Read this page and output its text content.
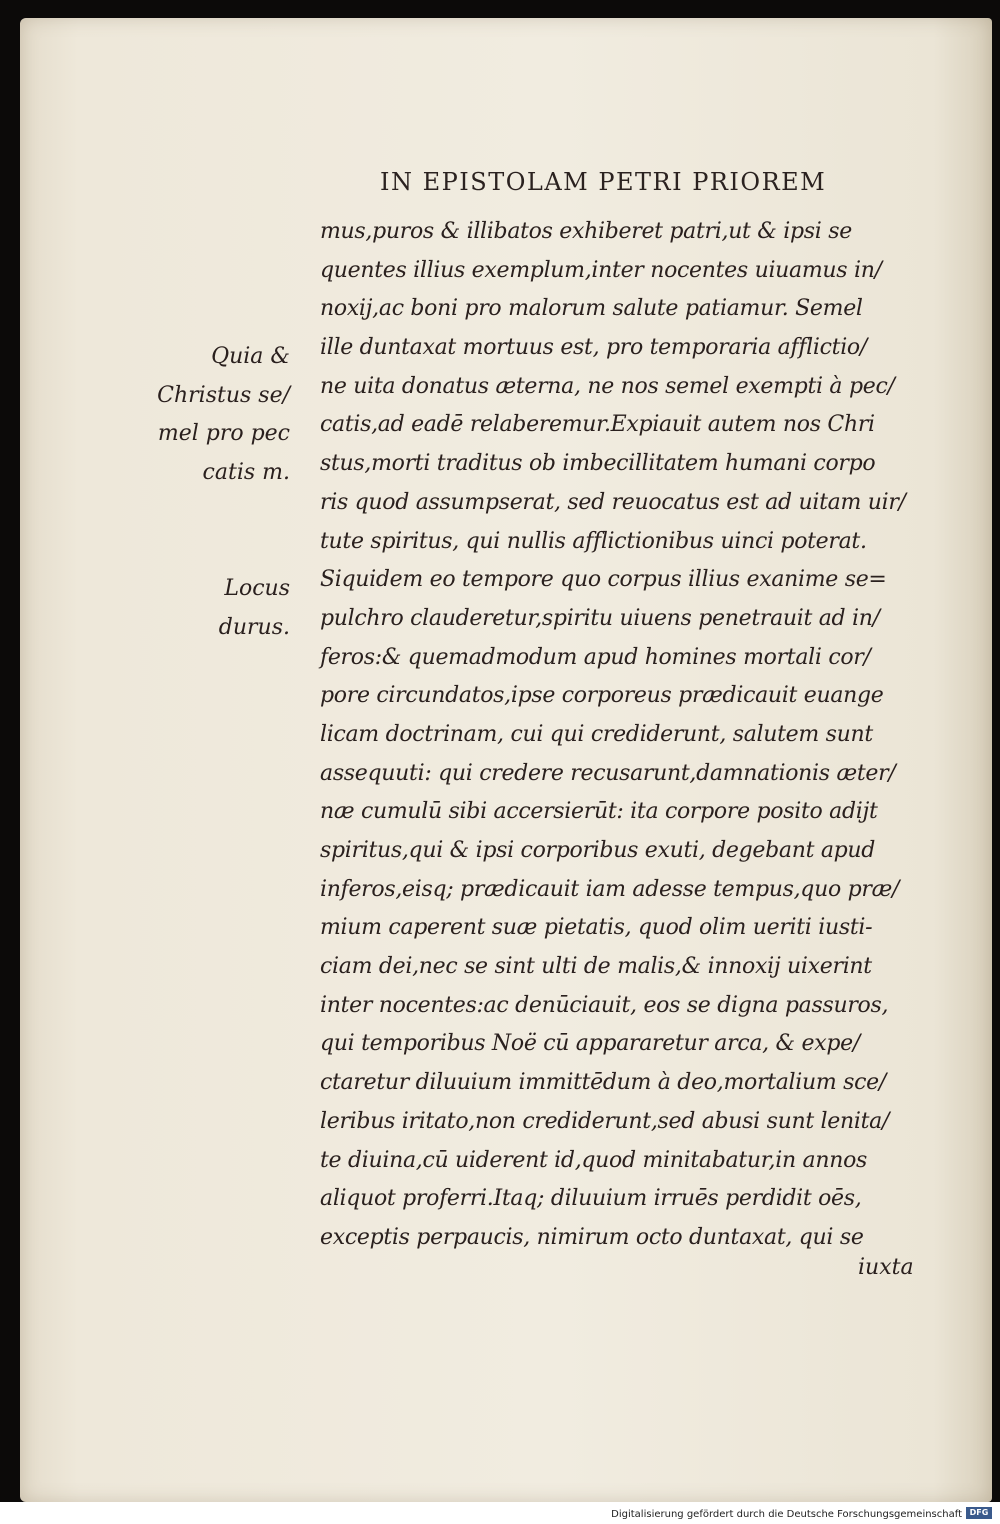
IN EPISTOLAM PETRI PRIOREM
mus,puros & illibatos exhiberet patri,ut & ipsi se
quentes illius exemplum,inter nocentes uiuamus in/
noxij,ac boni pro malorum salute patiamur. Semel
ille duntaxat mortuus est, pro temporaria afflictio/
ne uita donatus æterna, ne nos semel exempti à pec/
catis,ad eadē relaberemur.Expiauit autem nos Chri
stus,morti traditus ob imbecillitatem humani corpo
ris quod assumpserat, sed reuocatus est ad uitam uir/
tute spiritus, qui nullis afflictionibus uinci poterat.
Siquidem eo tempore quo corpus illius exanime se=
pulchro clauderetur,spiritu uiuens penetrauit ad in/
feros:& quemadmodum apud homines mortali cor/
pore circundatos,ipse corporeus prædicauit euange
licam doctrinam, cui qui crediderunt, salutem sunt
assequuti: qui credere recusarunt,damnationis æter/
næ cumulū sibi accersierūt: ita corpore posito adijt
spiritus,qui & ipsi corporibus exuti, degebant apud
inferos,eisq; prædicauit iam adesse tempus,quo præ/
mium caperent suæ pietatis, quod olim ueriti iusti-
ciam dei,nec se sint ulti de malis,& innoxij uixerint
inter nocentes:ac denūciauit, eos se digna passuros,
qui temporibus Noë cū appararetur arca, & expe/
ctaretur diluuium immittēdum à deo,mortalium sce/
leribus iritato,non crediderunt,sed abusi sunt lenita/
te diuina,cū uiderent id,quod minitabatur,in annos
aliquot proferri.Itaq; diluuium irruēs perdidit oēs,
exceptis perpaucis, nimirum octo duntaxat, qui se
Quia &
Christus se/
mel pro pec
catis m.
Locus
durus.
iuxta
Digitalisierung gefördert durch die Deutsche Forschungsgemeinschaft DFG
